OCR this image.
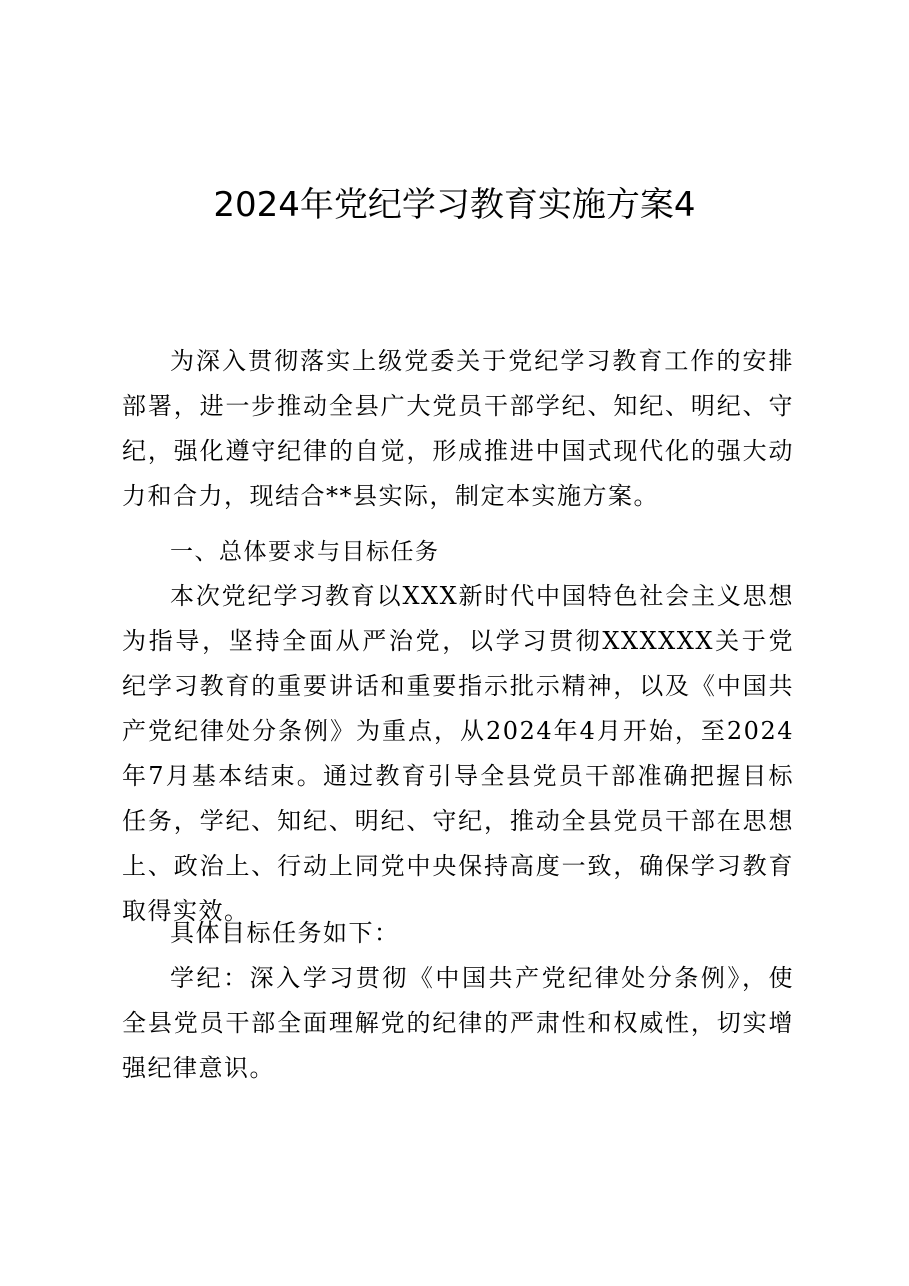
2024年党纪学习教育实施方案4

为深入贯彻落实上级党委关于党纪学习教育工作的安排部署，进一步推动全县广大党员干部学纪、知纪、明纪、守纪，强化遵守纪律的自觉，形成推进中国式现代化的强大动力和合力，现结合**县实际，制定本实施方案。

一、总体要求与目标任务

本次党纪学习教育以XXX新时代中国特色社会主义思想为指导，坚持全面从严治党，以学习贯彻XXXXXX关于党纪学习教育的重要讲话和重要指示批示精神，以及《中国共产党纪律处分条例》为重点，从2024年4月开始，至2024年7月基本结束。通过教育引导全县党员干部准确把握目标任务，学纪、知纪、明纪、守纪，推动全县党员干部在思想上、政治上、行动上同党中央保持高度一致，确保学习教育取得实效。

具体目标任务如下：

学纪：深入学习贯彻《中国共产党纪律处分条例》，使全县党员干部全面理解党的纪律的严肃性和权威性，切实增强纪律意识。
